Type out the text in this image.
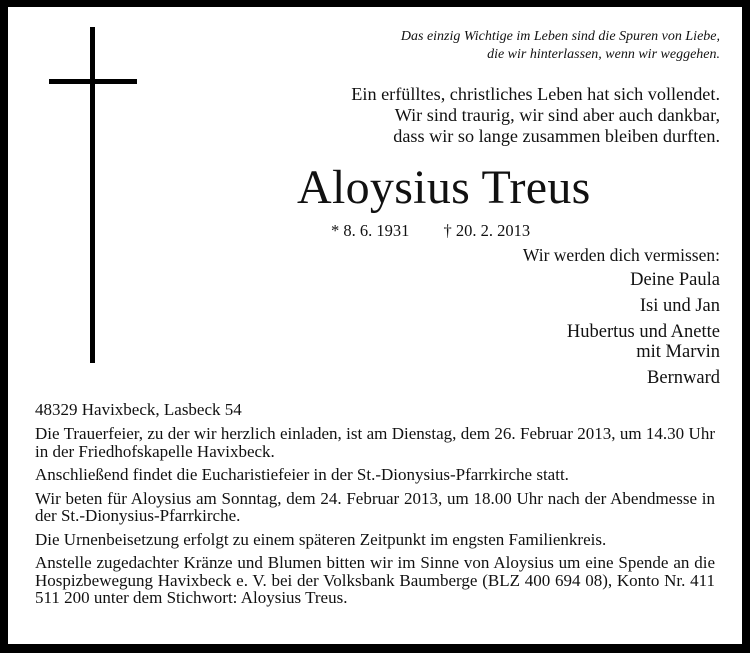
Das einzig Wichtige im Leben sind die Spuren von Liebe,
die wir hinterlassen, wenn wir weggehen.
Ein erfülltes, christliches Leben hat sich vollendet.
Wir sind traurig, wir sind aber auch dankbar,
dass wir so lange zusammen bleiben durften.
Aloysius Treus
* 8. 6. 1931 † 20. 2. 2013
Wir werden dich vermissen:
Deine Paula
Isi und Jan
Hubertus und Anette
mit Marvin
Bernward
48329 Havixbeck, Lasbeck 54

Die Trauerfeier, zu der wir herzlich einladen, ist am Dienstag, dem 26. Februar 2013, um 14.30 Uhr in der Friedhofskapelle Havixbeck.

Anschließend findet die Eucharistiefeier in der St.-Dionysius-Pfarrkirche statt.

Wir beten für Aloysius am Sonntag, dem 24. Februar 2013, um 18.00 Uhr nach der Abendmesse in der St.-Dionysius-Pfarrkirche.

Die Urnenbeisetzung erfolgt zu einem späteren Zeitpunkt im engsten Familienkreis.

Anstelle zugedachter Kränze und Blumen bitten wir im Sinne von Aloysius um eine Spende an die Hospizbewegung Havixbeck e. V. bei der Volksbank Baumberge (BLZ 400 694 08), Konto Nr. 411 511 200 unter dem Stichwort: Aloysius Treus.
